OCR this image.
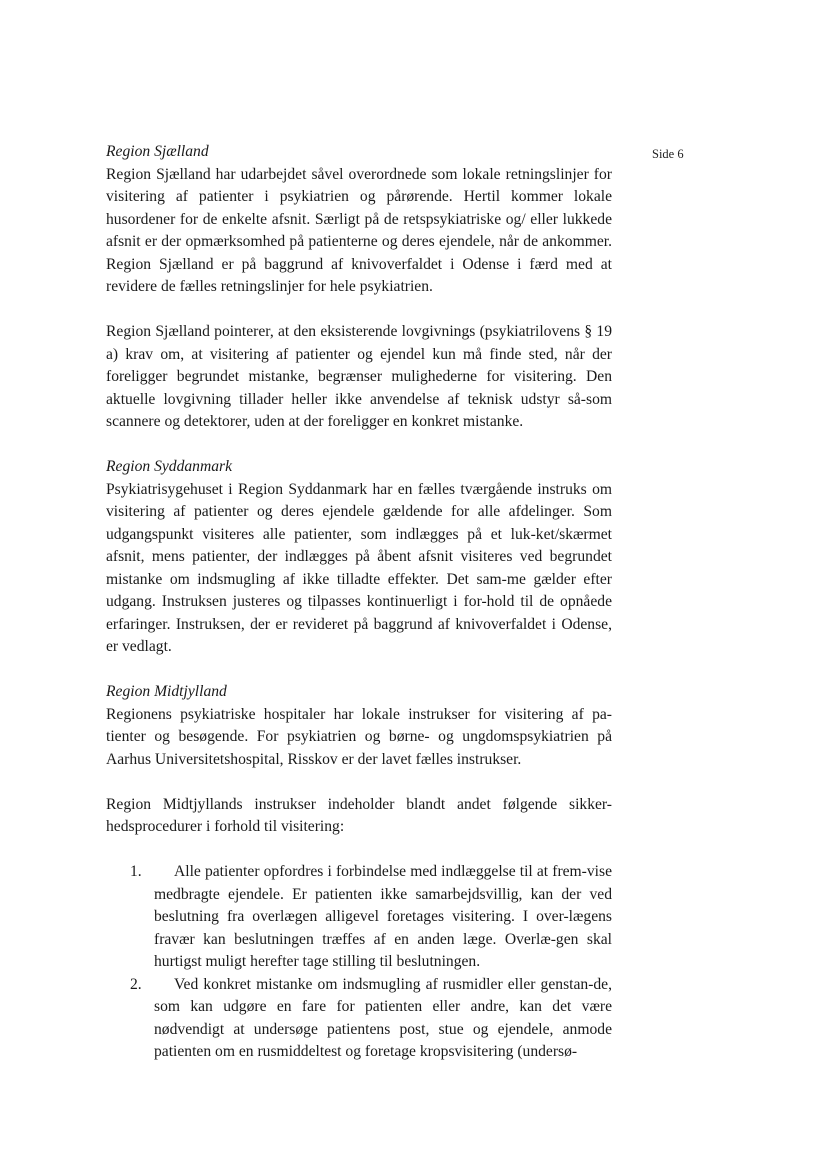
Side 6

Region Sjælland

Region Sjælland har udarbejdet såvel overordnede som lokale retningslinjer for visitering af patienter i psykiatrien og pårørende. Hertil kommer lokale husordener for de enkelte afsnit. Særligt på de retspsykiatriske og/ eller lukkede afsnit er der opmærksomhed på patienterne og deres ejendele, når de ankommer. Region Sjælland er på baggrund af knivoverfaldet i Odense i færd med at revidere de fælles retningslinjer for hele psykiatrien.

Region Sjælland pointerer, at den eksisterende lovgivnings (psykiatrilovens § 19 a) krav om, at visitering af patienter og ejendel kun må finde sted, når der foreligger begrundet mistanke, begrænser mulighederne for visitering. Den aktuelle lovgivning tillader heller ikke anvendelse af teknisk udstyr så-som scannere og detektorer, uden at der foreligger en konkret mistanke.

Region Syddanmark

Psykiatrisygehuset i Region Syddanmark har en fælles tværgående instruks om visitering af patienter og deres ejendele gældende for alle afdelinger. Som udgangspunkt visiteres alle patienter, som indlægges på et luk-ket/skærmet afsnit, mens patienter, der indlægges på åbent afsnit visiteres ved begrundet mistanke om indsmugling af ikke tilladte effekter. Det sam-me gælder efter udgang. Instruksen justeres og tilpasses kontinuerligt i for-hold til de opnåede erfaringer. Instruksen, der er revideret på baggrund af knivoverfaldet i Odense, er vedlagt.

Region Midtjylland

Regionens psykiatriske hospitaler har lokale instrukser for visitering af pa-tienter og besøgende. For psykiatrien og børne- og ungdomspsykiatrien på Aarhus Universitetshospital, Risskov er der lavet fælles instrukser.

Region Midtjyllands instrukser indeholder blandt andet følgende sikker-hedsprocedurer i forhold til visitering:

1.	Alle patienter opfordres i forbindelse med indlæggelse til at frem-vise medbragte ejendele. Er patienten ikke samarbejdsvillig, kan der ved beslutning fra overlægen alligevel foretages visitering. I over-lægens fravær kan beslutningen træffes af en anden læge. Overlæ-gen skal hurtigst muligt herefter tage stilling til beslutningen.
2.	Ved konkret mistanke om indsmugling af rusmidler eller genstan-de, som kan udgøre en fare for patienten eller andre, kan det være nødvendigt at undersøge patientens post, stue og ejendele, anmode patienten om en rusmiddeltest og foretage kropsvisitering (undersø-
